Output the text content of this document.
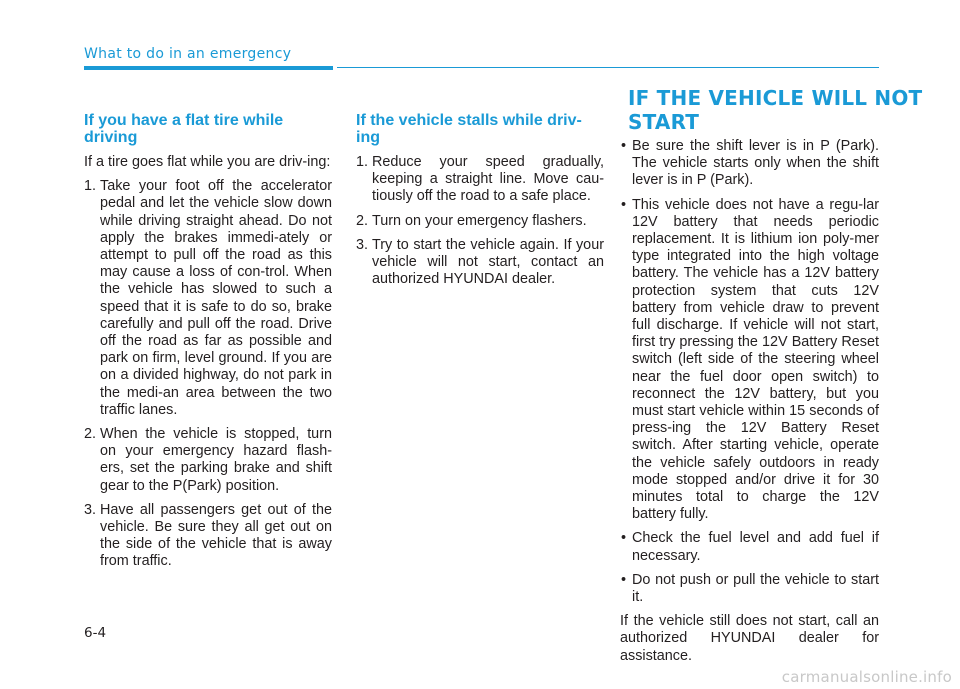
What to do in an emergency
If you have a flat tire while driving

If a tire goes flat while you are driv-ing:

1. Take your foot off the accelerator pedal and let the vehicle slow down while driving straight ahead. Do not apply the brakes immedi-ately or attempt to pull off the road as this may cause a loss of con-trol. When the vehicle has slowed to such a speed that it is safe to do so, brake carefully and pull off the road. Drive off the road as far as possible and park on firm, level ground. If you are on a divided highway, do not park in the medi-an area between the two traffic lanes.
2. When the vehicle is stopped, turn on your emergency hazard flash-ers, set the parking brake and shift gear to the P(Park) position.
3. Have all passengers get out of the vehicle. Be sure they all get out on the side of the vehicle that is away from traffic.
If the vehicle stalls while driv-ing
1. Reduce your speed gradually, keeping a straight line. Move cau-tiously off the road to a safe place.
2. Turn on your emergency flashers.
3. Try to start the vehicle again. If your vehicle will not start, contact an authorized HYUNDAI dealer.
IF THE VEHICLE WILL NOT START
• Be sure the shift lever is in P (Park). The vehicle starts only when the shift lever is in P (Park).
• This vehicle does not have a regu-lar 12V battery that needs periodic replacement. It is lithium ion poly-mer type integrated into the high voltage battery. The vehicle has a 12V battery protection system that cuts 12V battery from vehicle draw to prevent full discharge. If vehicle will not start, first try pressing the 12V Battery Reset switch (left side of the steering wheel near the fuel door open switch) to reconnect the 12V battery, but you must start vehicle within 15 seconds of press-ing the 12V Battery Reset switch. After starting vehicle, operate the vehicle safely outdoors in ready mode stopped and/or drive it for 30 minutes total to charge the 12V battery fully.
• Check the fuel level and add fuel if necessary.
• Do not push or pull the vehicle to start it.

If the vehicle still does not start, call an authorized HYUNDAI dealer for assistance.

6-4
carmanualsonline.info
